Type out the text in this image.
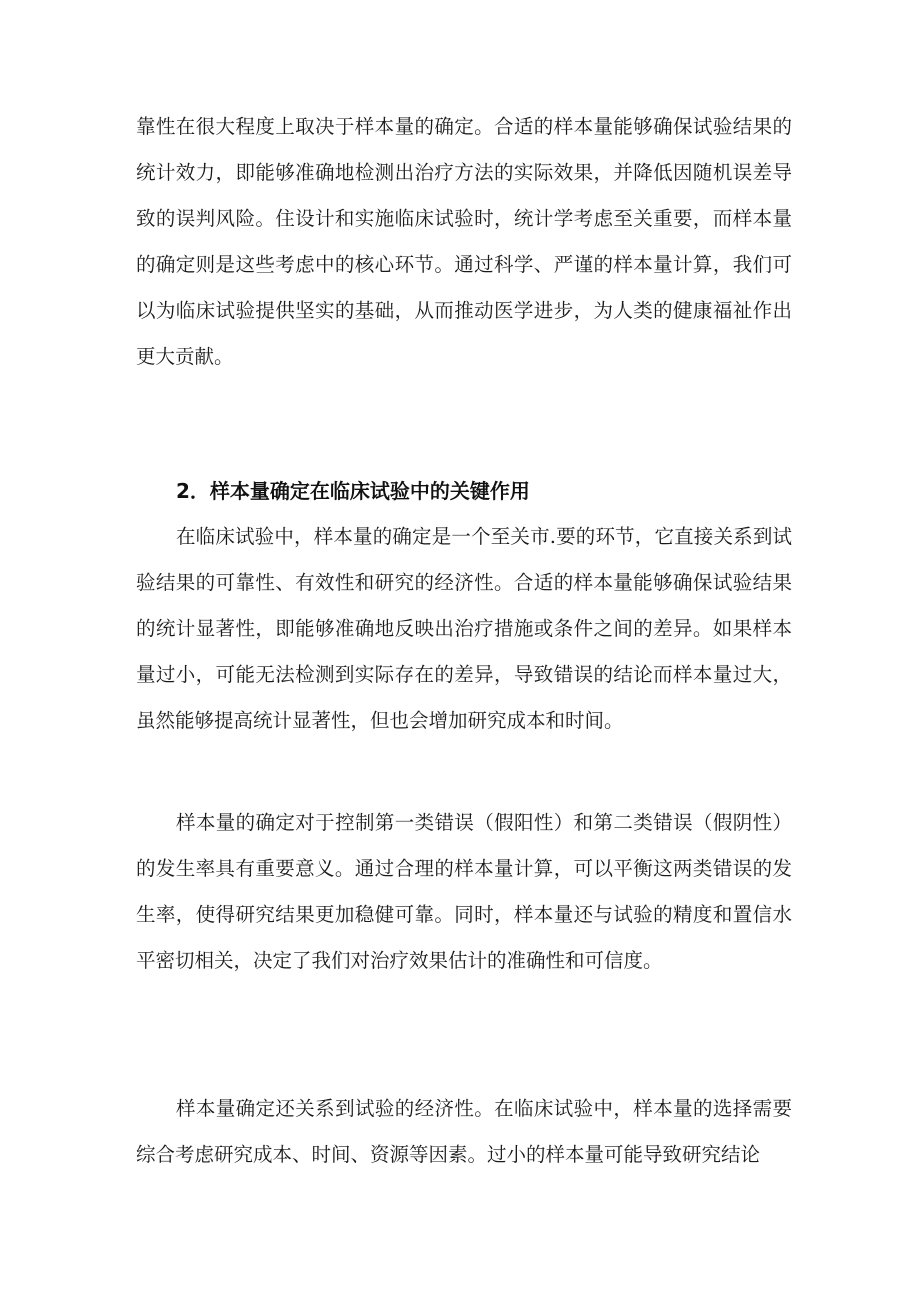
靠性在很大程度上取决于样本量的确定。合适的样本量能够确保试验结果的统计效力，即能够准确地检测出治疗方法的实际效果，并降低因随机误差导致的误判风险。住设计和实施临床试验时，统计学考虑至关重要，而样本量的确定则是这些考虑中的核心环节。通过科学、严谨的样本量计算，我们可以为临床试验提供坚实的基础，从而推动医学进步，为人类的健康福祉作出更大贡献。

2．样本量确定在临床试验中的关键作用

在临床试验中，样本量的确定是一个至关市.要的环节，它直接关系到试验结果的可靠性、有效性和研究的经济性。合适的样本量能够确保试验结果的统计显著性，即能够准确地反映出治疗措施或条件之间的差异。如果样本量过小，可能无法检测到实际存在的差异，导致错误的结论而样本量过大，虽然能够提高统计显著性，但也会增加研究成本和时间。

样本量的确定对于控制第一类错误（假阳性）和第二类错误（假阴性）的发生率具有重要意义。通过合理的样本量计算，可以平衡这两类错误的发生率，使得研究结果更加稳健可靠。同时，样本量还与试验的精度和置信水平密切相关，决定了我们对治疗效果估计的准确性和可信度。

样本量确定还关系到试验的经济性。在临床试验中，样本量的选择需要综合考虑研究成本、时间、资源等因素。过小的样本量可能导致研究结论
